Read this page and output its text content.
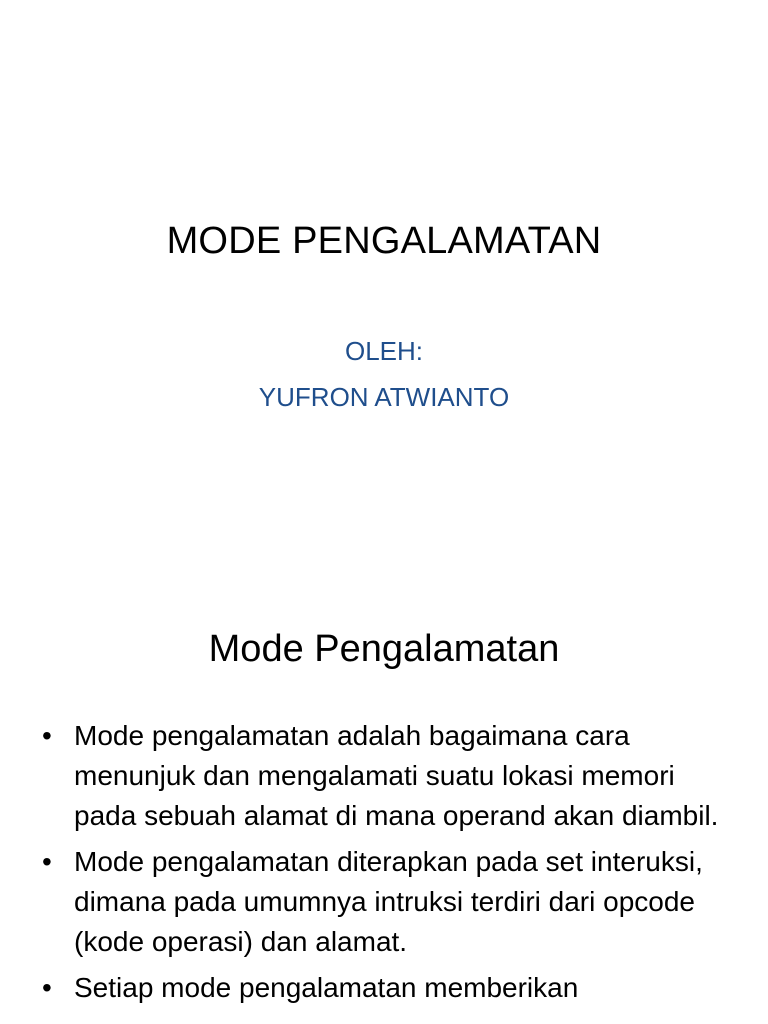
MODE PENGALAMATAN
OLEH:
YUFRON ATWIANTO
Mode Pengalamatan
• Mode pengalamatan adalah bagaimana cara menunjuk dan mengalamati suatu lokasi memori pada sebuah alamat di mana operand akan diambil.
• Mode pengalamatan diterapkan pada set interuksi, dimana pada umumnya intruksi terdiri dari opcode (kode operasi) dan alamat.
• Setiap mode pengalamatan memberikan
